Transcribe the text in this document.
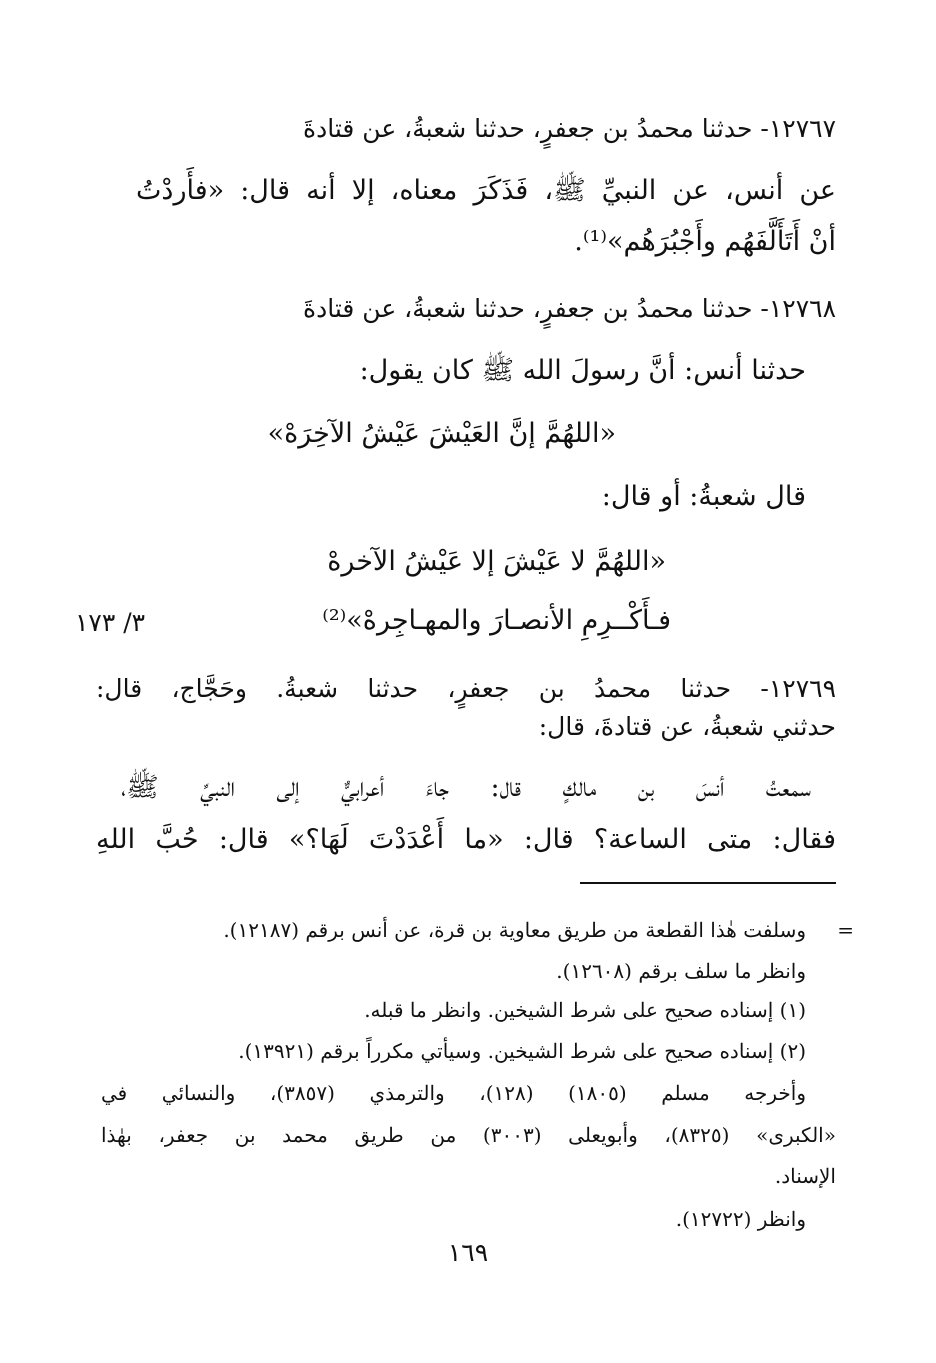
١٢٧٦٧- حدثنا محمدُ بن جعفرٍ، حدثنا شعبةُ، عن قتادةَ
عن أنس، عن النبيِّ ﷺ، فَذَكَرَ معناه، إلا أنه قال: «فأَردْتُ
أنْ أَتَأَلَّفَهُم وأَجْبُرَهُم»⁽¹⁾.
١٢٧٦٨- حدثنا محمدُ بن جعفرٍ، حدثنا شعبةُ، عن قتادةَ
حدثنا أنس: أنَّ رسولَ الله ﷺ كان يقول:
«اللهُمَّ إنَّ العَيْشَ عَيْشُ الآخِرَهْ»
قال شعبةُ: أو قال:
«اللهُمَّ لا عَيْشَ إلا عَيْشُ الآخرهْ
فـأَكْــرِمِ الأنصـارَ والمهـاجِرهْ»⁽²⁾
٣/ ١٧٣
١٢٧٦٩- حدثنا محمدُ بن جعفرٍ، حدثنا شعبةُ. وحَجَّاج، قال:
حدثني شعبةُ، عن قتادةَ، قال:
سمعتُ أنسَ بن مالكٍ قال: جاءَ أعرابيٌّ إلى النبيِّ ﷺ،
فقال: متى الساعة؟ قال: «ما أَعْدَدْتَ لَهَا؟» قال: حُبَّ اللهِ
=
وسلفت هٰذا القطعة من طريق معاوية بن قرة، عن أنس برقم (١٢١٨٧).
وانظر ما سلف برقم (١٢٦٠٨).
(١) إسناده صحيح على شرط الشيخين. وانظر ما قبله.
(٢) إسناده صحيح على شرط الشيخين. وسيأتي مكرراً برقم (١٣٩٢١).
وأخرجه مسلم (١٨٠٥) (١٢٨)، والترمذي (٣٨٥٧)، والنسائي في
«الكبرى» (٨٣٢٥)، وأبويعلى (٣٠٠٣) من طريق محمد بن جعفر، بهٰذا
الإسناد.
وانظر (١٢٧٢٢).
١٦٩
